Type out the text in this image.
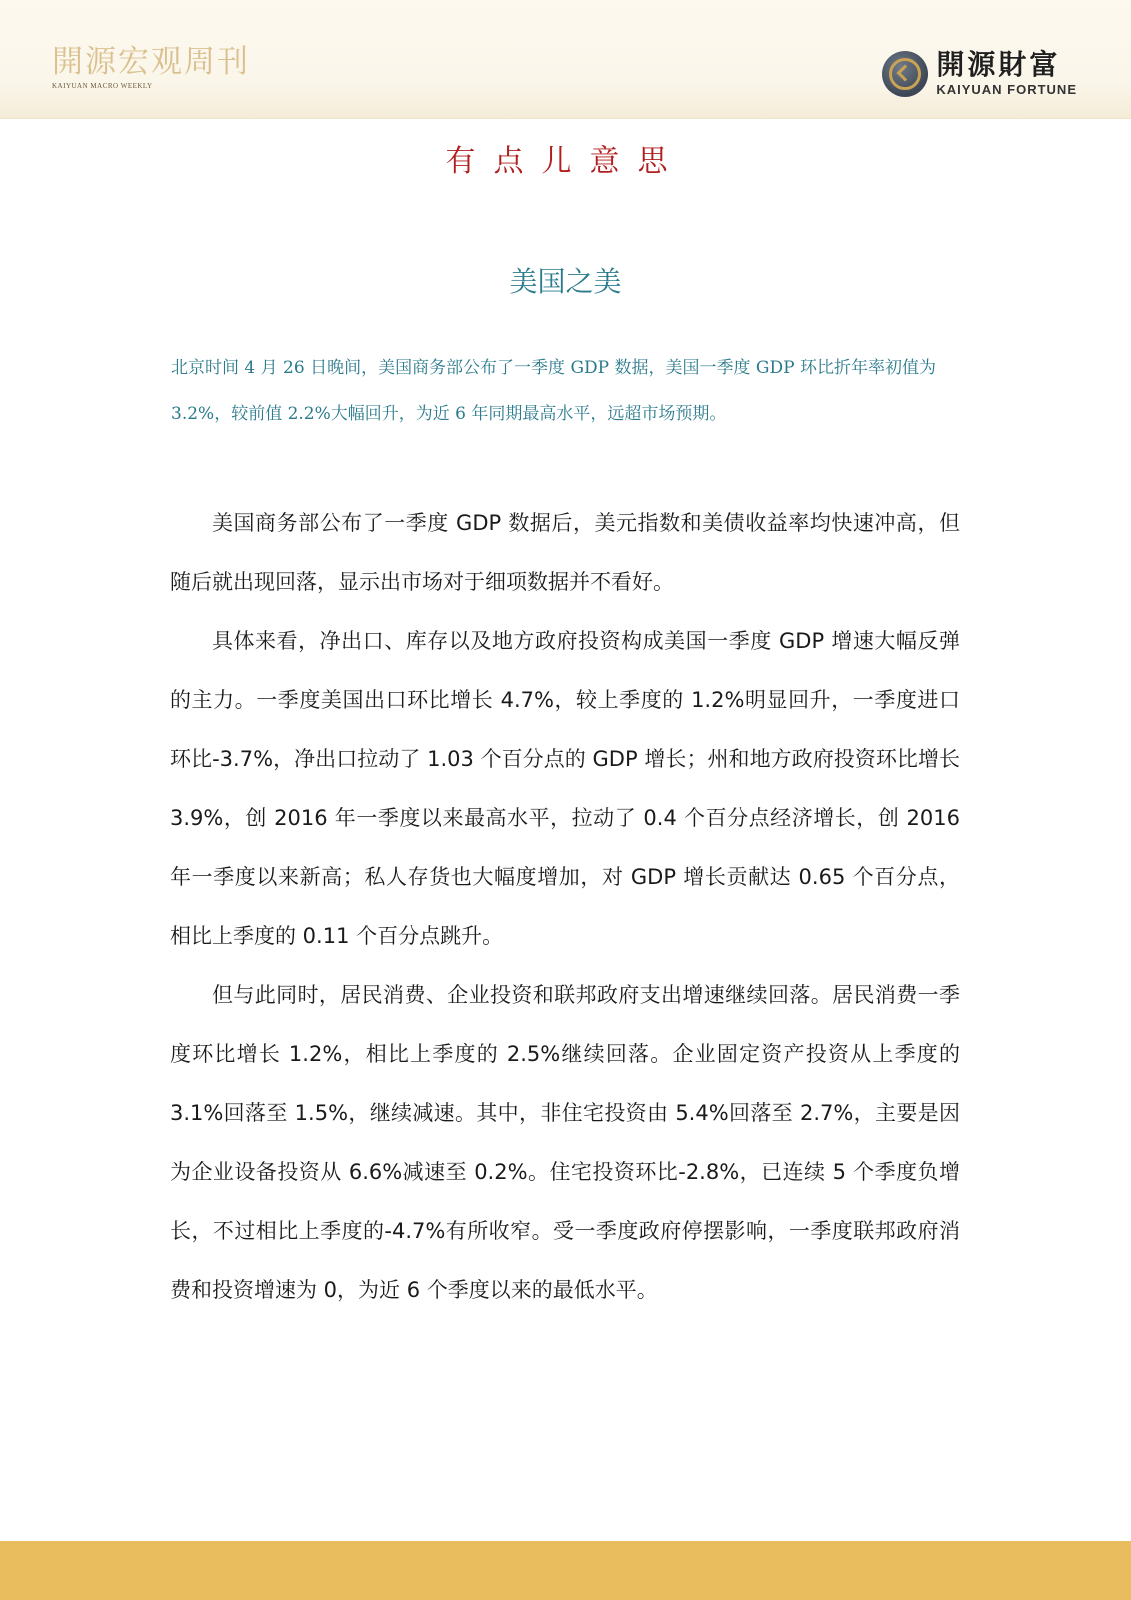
開源宏观周刊
KAIYUAN MACRO WEEKLY
開源財富
KAIYUAN FORTUNE
有点儿意思
美国之美
北京时间 4 月 26 日晚间，美国商务部公布了一季度 GDP 数据，美国一季度 GDP 环比折年率初值为 3.2%，较前值 2.2%大幅回升，为近 6 年同期最高水平，远超市场预期。

美国商务部公布了一季度 GDP 数据后，美元指数和美债收益率均快速冲高，但随后就出现回落，显示出市场对于细项数据并不看好。

具体来看，净出口、库存以及地方政府投资构成美国一季度 GDP 增速大幅反弹的主力。一季度美国出口环比增长 4.7%，较上季度的 1.2%明显回升，一季度进口环比-3.7%，净出口拉动了 1.03 个百分点的 GDP 增长；州和地方政府投资环比增长 3.9%，创 2016 年一季度以来最高水平，拉动了 0.4 个百分点经济增长，创 2016 年一季度以来新高；私人存货也大幅度增加，对 GDP 增长贡献达 0.65 个百分点，相比上季度的 0.11 个百分点跳升。

但与此同时，居民消费、企业投资和联邦政府支出增速继续回落。居民消费一季度环比增长 1.2%，相比上季度的 2.5%继续回落。企业固定资产投资从上季度的 3.1%回落至 1.5%，继续减速。其中，非住宅投资由 5.4%回落至 2.7%，主要是因为企业设备投资从 6.6%减速至 0.2%。住宅投资环比-2.8%，已连续 5 个季度负增长，不过相比上季度的-4.7%有所收窄。受一季度政府停摆影响，一季度联邦政府消费和投资增速为 0，为近 6 个季度以来的最低水平。
